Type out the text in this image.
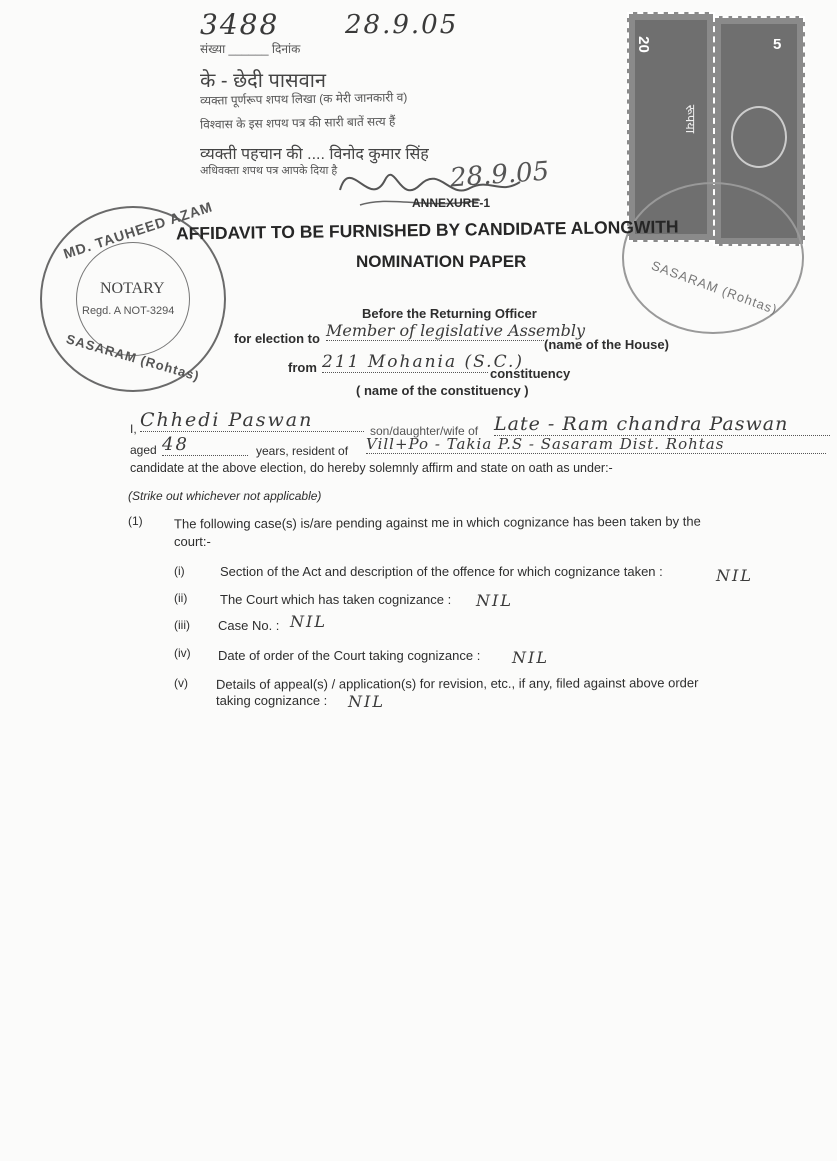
3488	28.9.05
संख्या ______ दिनांक
के - छेदी पासवान
व्यक्ता पूर्णरूप शपथ लिखा (क मेरी जानकारी व)
विश्वास के इस शपथ पत्र की सारी बातें सत्य हैं
व्यक्ती पहचान की .... विनोद कुमार सिंह
अधिवक्ता शपथ पत्र आपके दिया है	28.9.05
20
रूपया
5
MD. TAUHEED AZAM
NOTARY
Regd. A NOT-3294
SASARAM (Rohtas)
SASARAM (Rohtas)
ANNEXURE-1
AFFIDAVIT TO BE FURNISHED BY CANDIDATE ALONGWITH
NOMINATION PAPER
Before the Returning Officer
for election to Member of legislative Assembly
(name of the House)
from 211 Mohania (S.C.)
constituency
( name of the constituency )
I, Chhedi Paswan	son/daughter/wife of Late - Ram chandra Paswan
aged 48	years, resident of Vill+Po - Takia P.S - Sasaram Dist. Rohtas
candidate at the above election, do hereby solemnly affirm and state on oath as under:-
(Strike out whichever not applicable)
(1) The following case(s) is/are pending against me in which cognizance has been taken by the
court:-
(i)	Section of the Act and description of the offence for which cognizance taken :	NIL
(ii)	The Court which has taken cognizance : NIL
(iii) Case No. : NIL
(iv) Date of order of the Court taking cognizance : NIL
(v) Details of appeal(s) / application(s) for revision, etc., if any, filed against above order
taking cognizance : NIL
